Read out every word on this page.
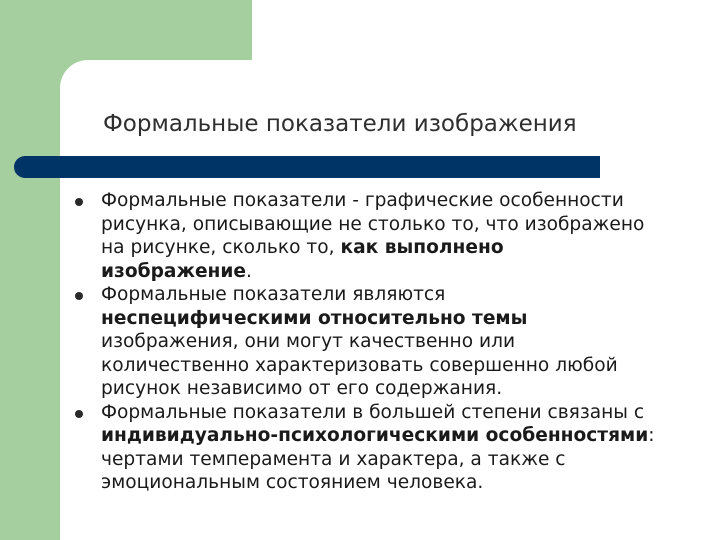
Формальные показатели изображения
Формальные показатели - графические особенности рисунка, описывающие не столько то, что изображено на рисунке, сколько то, как выполнено изображение.
Формальные показатели являются неспецифическими относительно темы изображения, они могут качественно или количественно характеризовать совершенно любой рисунок независимо от его содержания.
Формальные показатели в большей степени связаны с индивидуально-психологическими особенностями: чертами темперамента и характера, а также с эмоциональным состоянием человека.
